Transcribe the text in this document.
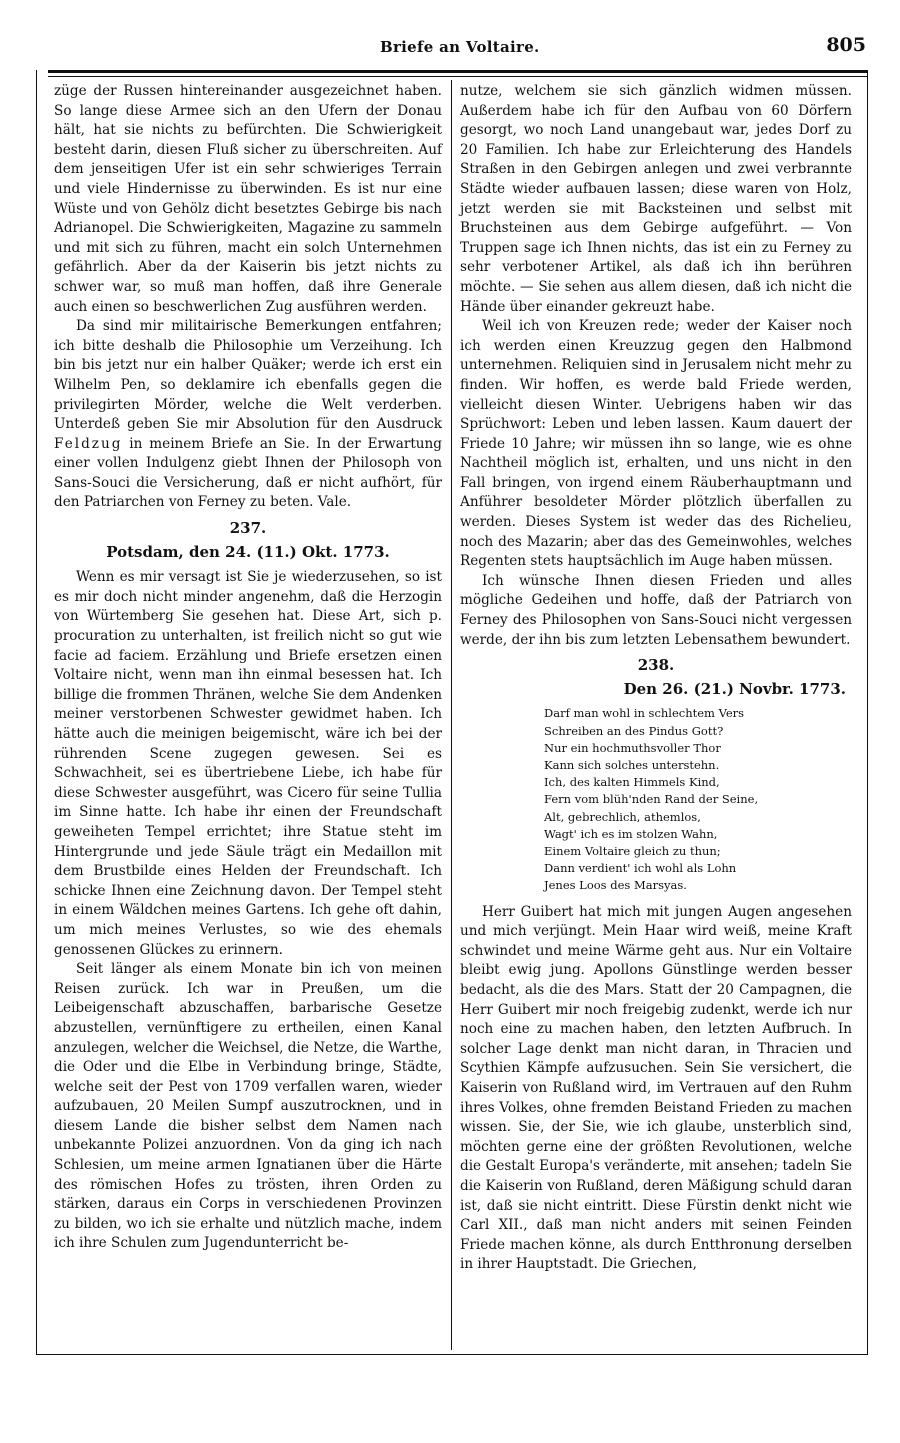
Briefe an Voltaire.	805

züge der Russen hintereinander ausgezeichnet haben. So lange diese Armee sich an den Ufern der Donau hält, hat sie nichts zu befürchten. Die Schwierigkeit besteht darin, diesen Fluß sicher zu überschreiten. Auf dem jenseitigen Ufer ist ein sehr schwieriges Terrain und viele Hindernisse zu überwinden. Es ist nur eine Wüste und von Gehölz dicht besetztes Gebirge bis nach Adrianopel. Die Schwierigkeiten, Magazine zu sammeln und mit sich zu führen, macht ein solch Unternehmen gefährlich. Aber da der Kaiserin bis jetzt nichts zu schwer war, so muß man hoffen, daß ihre Generale auch einen so beschwerlichen Zug ausführen werden.

Da sind mir militairische Bemerkungen entfahren; ich bitte deshalb die Philosophie um Verzeihung. Ich bin bis jetzt nur ein halber Quäker; werde ich erst ein Wilhelm Pen, so deklamire ich ebenfalls gegen die privilegirten Mörder, welche die Welt verderben. Unterdeß geben Sie mir Absolution für den Ausdruck Feldzug in meinem Briefe an Sie. In der Erwartung einer vollen Indulgenz giebt Ihnen der Philosoph von Sans-Souci die Versicherung, daß er nicht aufhört, für den Patriarchen von Ferney zu beten. Vale.

237.

Potsdam, den 24. (11.) Okt. 1773.

Wenn es mir versagt ist Sie je wiederzusehen, so ist es mir doch nicht minder angenehm, daß die Herzogin von Würtemberg Sie gesehen hat. Diese Art, sich p. procuration zu unterhalten, ist freilich nicht so gut wie facie ad faciem. Erzählung und Briefe ersetzen einen Voltaire nicht, wenn man ihn einmal besessen hat. Ich billige die frommen Thränen, welche Sie dem Andenken meiner verstorbenen Schwester gewidmet haben. Ich hätte auch die meinigen beigemischt, wäre ich bei der rührenden Scene zugegen gewesen. Sei es Schwachheit, sei es übertriebene Liebe, ich habe für diese Schwester ausgeführt, was Cicero für seine Tullia im Sinne hatte. Ich habe ihr einen der Freundschaft geweiheten Tempel errichtet; ihre Statue steht im Hintergrunde und jede Säule trägt ein Medaillon mit dem Brustbilde eines Helden der Freundschaft. Ich schicke Ihnen eine Zeichnung davon. Der Tempel steht in einem Wäldchen meines Gartens. Ich gehe oft dahin, um mich meines Verlustes, so wie des ehemals genossenen Glückes zu erinnern.

Seit länger als einem Monate bin ich von meinen Reisen zurück. Ich war in Preußen, um die Leibeigenschaft abzuschaffen, barbarische Gesetze abzustellen, vernünftigere zu ertheilen, einen Kanal anzulegen, welcher die Weichsel, die Netze, die Warthe, die Oder und die Elbe in Verbindung bringe, Städte, welche seit der Pest von 1709 verfallen waren, wieder aufzubauen, 20 Meilen Sumpf auszutrocknen, und in diesem Lande die bisher selbst dem Namen nach unbekannte Polizei anzuordnen. Von da ging ich nach Schlesien, um meine armen Ignatianen über die Härte des römischen Hofes zu trösten, ihren Orden zu stärken, daraus ein Corps in verschiedenen Provinzen zu bilden, wo ich sie erhalte und nützlich mache, indem ich ihre Schulen zum Jugendunterricht be-

nutze, welchem sie sich gänzlich widmen müssen. Außerdem habe ich für den Aufbau von 60 Dörfern gesorgt, wo noch Land unangebaut war, jedes Dorf zu 20 Familien. Ich habe zur Erleichterung des Handels Straßen in den Gebirgen anlegen und zwei verbrannte Städte wieder aufbauen lassen; diese waren von Holz, jetzt werden sie mit Backsteinen und selbst mit Bruchsteinen aus dem Gebirge aufgeführt. — Von Truppen sage ich Ihnen nichts, das ist ein zu Ferney zu sehr verbotener Artikel, als daß ich ihn berühren möchte. — Sie sehen aus allem diesen, daß ich nicht die Hände über einander gekreuzt habe.

Weil ich von Kreuzen rede; weder der Kaiser noch ich werden einen Kreuzzug gegen den Halbmond unternehmen. Reliquien sind in Jerusalem nicht mehr zu finden. Wir hoffen, es werde bald Friede werden, vielleicht diesen Winter. Uebrigens haben wir das Sprüchwort: Leben und leben lassen. Kaum dauert der Friede 10 Jahre; wir müssen ihn so lange, wie es ohne Nachtheil möglich ist, erhalten, und uns nicht in den Fall bringen, von irgend einem Räuberhauptmann und Anführer besoldeter Mörder plötzlich überfallen zu werden. Dieses System ist weder das des Richelieu, noch des Mazarin; aber das des Gemeinwohles, welches Regenten stets hauptsächlich im Auge haben müssen.

Ich wünsche Ihnen diesen Frieden und alles mögliche Gedeihen und hoffe, daß der Patriarch von Ferney des Philosophen von Sans-Souci nicht vergessen werde, der ihn bis zum letzten Lebensathem bewundert.

238.

Den 26. (21.) Novbr. 1773.

Darf man wohl in schlechtem Vers
Schreiben an des Pindus Gott?
Nur ein hochmuthsvoller Thor
Kann sich solches unterstehn.
Ich, des kalten Himmels Kind,
Fern vom blüh'nden Rand der Seine,
Alt, gebrechlich, athemlos,
Wagt' ich es im stolzen Wahn,
Einem Voltaire gleich zu thun;
Dann verdient' ich wohl als Lohn
Jenes Loos des Marsyas.

Herr Guibert hat mich mit jungen Augen angesehen und mich verjüngt. Mein Haar wird weiß, meine Kraft schwindet und meine Wärme geht aus. Nur ein Voltaire bleibt ewig jung. Apollons Günstlinge werden besser bedacht, als die des Mars. Statt der 20 Campagnen, die Herr Guibert mir noch freigebig zudenkt, werde ich nur noch eine zu machen haben, den letzten Aufbruch. In solcher Lage denkt man nicht daran, in Thracien und Scythien Kämpfe aufzusuchen. Sein Sie versichert, die Kaiserin von Rußland wird, im Vertrauen auf den Ruhm ihres Volkes, ohne fremden Beistand Frieden zu machen wissen. Sie, der Sie, wie ich glaube, unsterblich sind, möchten gerne eine der größten Revolutionen, welche die Gestalt Europa's veränderte, mit ansehen; tadeln Sie die Kaiserin von Rußland, deren Mäßigung schuld daran ist, daß sie nicht eintritt. Diese Fürstin denkt nicht wie Carl XII., daß man nicht anders mit seinen Feinden Friede machen könne, als durch Entthronung derselben in ihrer Hauptstadt. Die Griechen,
